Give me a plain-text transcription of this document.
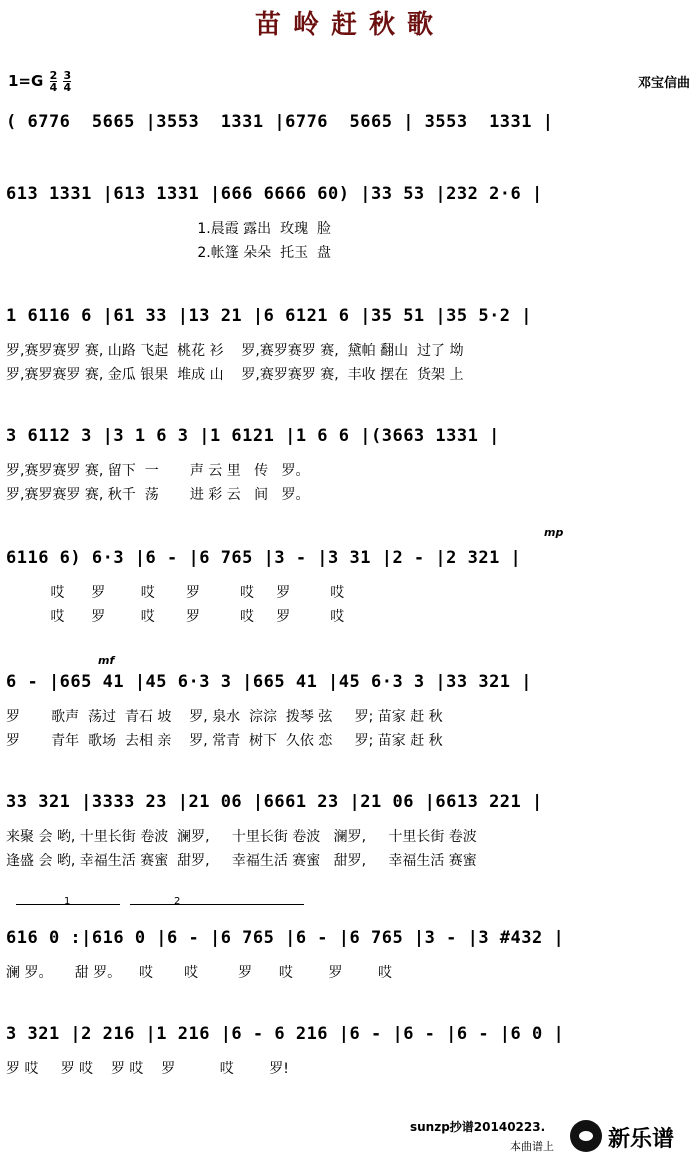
苗岭赶秋歌
$1=G \frac{2}{4}$
$\frac{3}{4}$	邓宝信曲
( 6776  5665 |3553  1331 |6776  5665 | 3553  1331 |
613 1331 |613 1331 |666 6666 60) |33 53 |232 2·6 |
1.晨霞 露出  玫瑰  脸
2.帐篷 朵朵  托玉  盘
1 6116 6 |61 33 |13 21 |6 6121 6 |35 51 |35 5·2 |
罗,赛罗赛罗 赛, 山路 飞起  桃花 衫    罗,赛罗赛罗 赛,  黛帕 翻山  过了 坳
罗,赛罗赛罗 赛, 金瓜 银果  堆成 山    罗,赛罗赛罗 赛,  丰收 摆在  货架 上
3 6112 3 |3 1 6 3 |1 6121 |1 6 6 |(3663 1331 |
罗,赛罗赛罗 赛, 留下  一       声 云 里   传   罗。
罗,赛罗赛罗 赛, 秋千  荡       进 彩 云   间   罗。
6116 6) 6·3 |6 - |6 765 |3 - |3 31 |2 - |2 321 |
哎      罗        哎       罗         哎     罗         哎
哎      罗        哎       罗         哎     罗         哎
mp
6 - |665 41 |45 6·3 3 |665 41 |45 6·3 3 |33 321 |
罗       歌声  荡过  青石 坡    罗, 泉水  淙淙  拨琴 弦     罗; 苗家 赶 秋
罗       青年  歌场  去相 亲    罗, 常青  树下  久依 恋     罗; 苗家 赶 秋
mf
33 321 |3333 23 |21 06 |6661 23 |21 06 |6613 221 |
来聚 会 哟, 十里长街 卷波  澜罗,     十里长街 卷波   澜罗,     十里长街 卷波
逢盛 会 哟, 幸福生活 赛蜜  甜罗,     幸福生活 赛蜜   甜罗,     幸福生活 赛蜜
1	2
616 0 :|616 0 |6 - |6 765 |6 - |6 765 |3 - |3 #432 |
澜 罗。     甜 罗。    哎       哎         罗      哎        罗        哎
3 321 |2 216 |1 216 |6 - 6 216 |6 - |6 - |6 - |6 0 |
罗 哎     罗 哎    罗 哎    罗          哎        罗!
sunzp抄谱20140223.
本曲谱上 新乐谱
